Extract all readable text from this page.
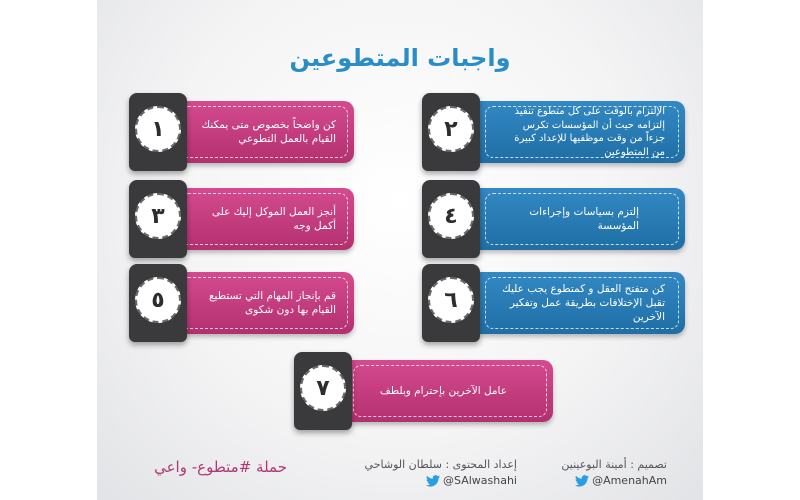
واجبات المتطوعين
كن واضحاً بخصوص متى يمكنك القيام بالعمل التطوعي
١
الإلتزام بالوقت على كل متطوع تنفيذ إلتزامه حيث أن المؤسسات تكرس جزءاً من وقت موظفيها للإعداد كبيرة من المتطوعين
٢
أنجز العمل الموكل إليك على أكمل وجه
٣	إلتزم بسياسات وإجراءات المؤسسة
٤
قم بإنجاز المهام التي تستطيع القيام بها دون شكوى
٥	كن متفتح العقل و كمتطوع يجب عليك تقبل الإختلافات بطريقة عمل وتفكير الآخرين
٦
عامل الآخرين بإحترام وبلطف
٧
حملة #متطوع- واعي	إعداد المحتوى : سلطان الوشاحي
@SAlwashahi
تصميم : أمينة البوعينين
@AmenahAm
